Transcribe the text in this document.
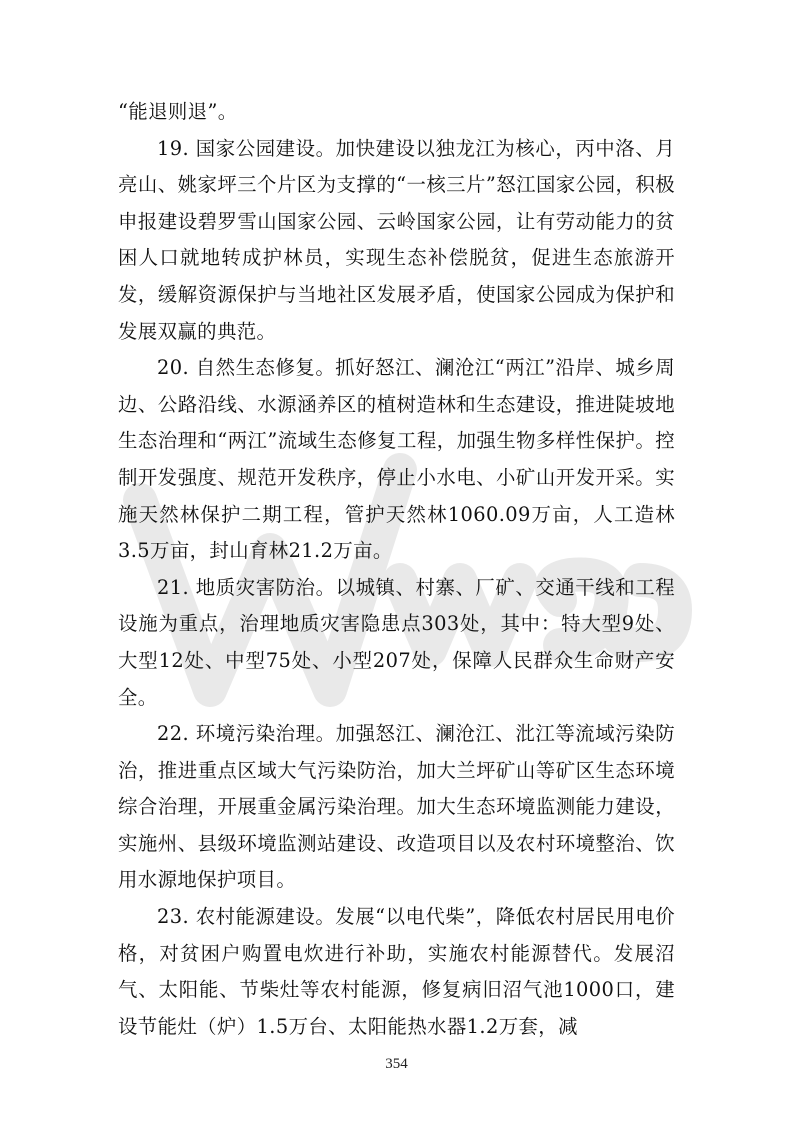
“能退则退”。

19. 国家公园建设。加快建设以独龙江为核心，丙中洛、月亮山、姚家坪三个片区为支撑的“一核三片”怒江国家公园，积极申报建设碧罗雪山国家公园、云岭国家公园，让有劳动能力的贫困人口就地转成护林员，实现生态补偿脱贫，促进生态旅游开发，缓解资源保护与当地社区发展矛盾，使国家公园成为保护和发展双赢的典范。

20. 自然生态修复。抓好怒江、澜沧江“两江”沿岸、城乡周边、公路沿线、水源涵养区的植树造林和生态建设，推进陡坡地生态治理和“两江”流域生态修复工程，加强生物多样性保护。控制开发强度、规范开发秩序，停止小水电、小矿山开发开采。实施天然林保护二期工程，管护天然林1060.09万亩，人工造林3.5万亩，封山育林21.2万亩。

21. 地质灾害防治。以城镇、村寨、厂矿、交通干线和工程设施为重点，治理地质灾害隐患点303处，其中：特大型9处、大型12处、中型75处、小型207处，保障人民群众生命财产安全。

22. 环境污染治理。加强怒江、澜沧江、沘江等流域污染防治，推进重点区域大气污染防治，加大兰坪矿山等矿区生态环境综合治理，开展重金属污染治理。加大生态环境监测能力建设，实施州、县级环境监测站建设、改造项目以及农村环境整治、饮用水源地保护项目。

23. 农村能源建设。发展“以电代柴”，降低农村居民用电价格，对贫困户购置电炊进行补助，实施农村能源替代。发展沼气、太阳能、节柴灶等农村能源，修复病旧沼气池1000口，建设节能灶（炉）1.5万台、太阳能热水器1.2万套，减

354
